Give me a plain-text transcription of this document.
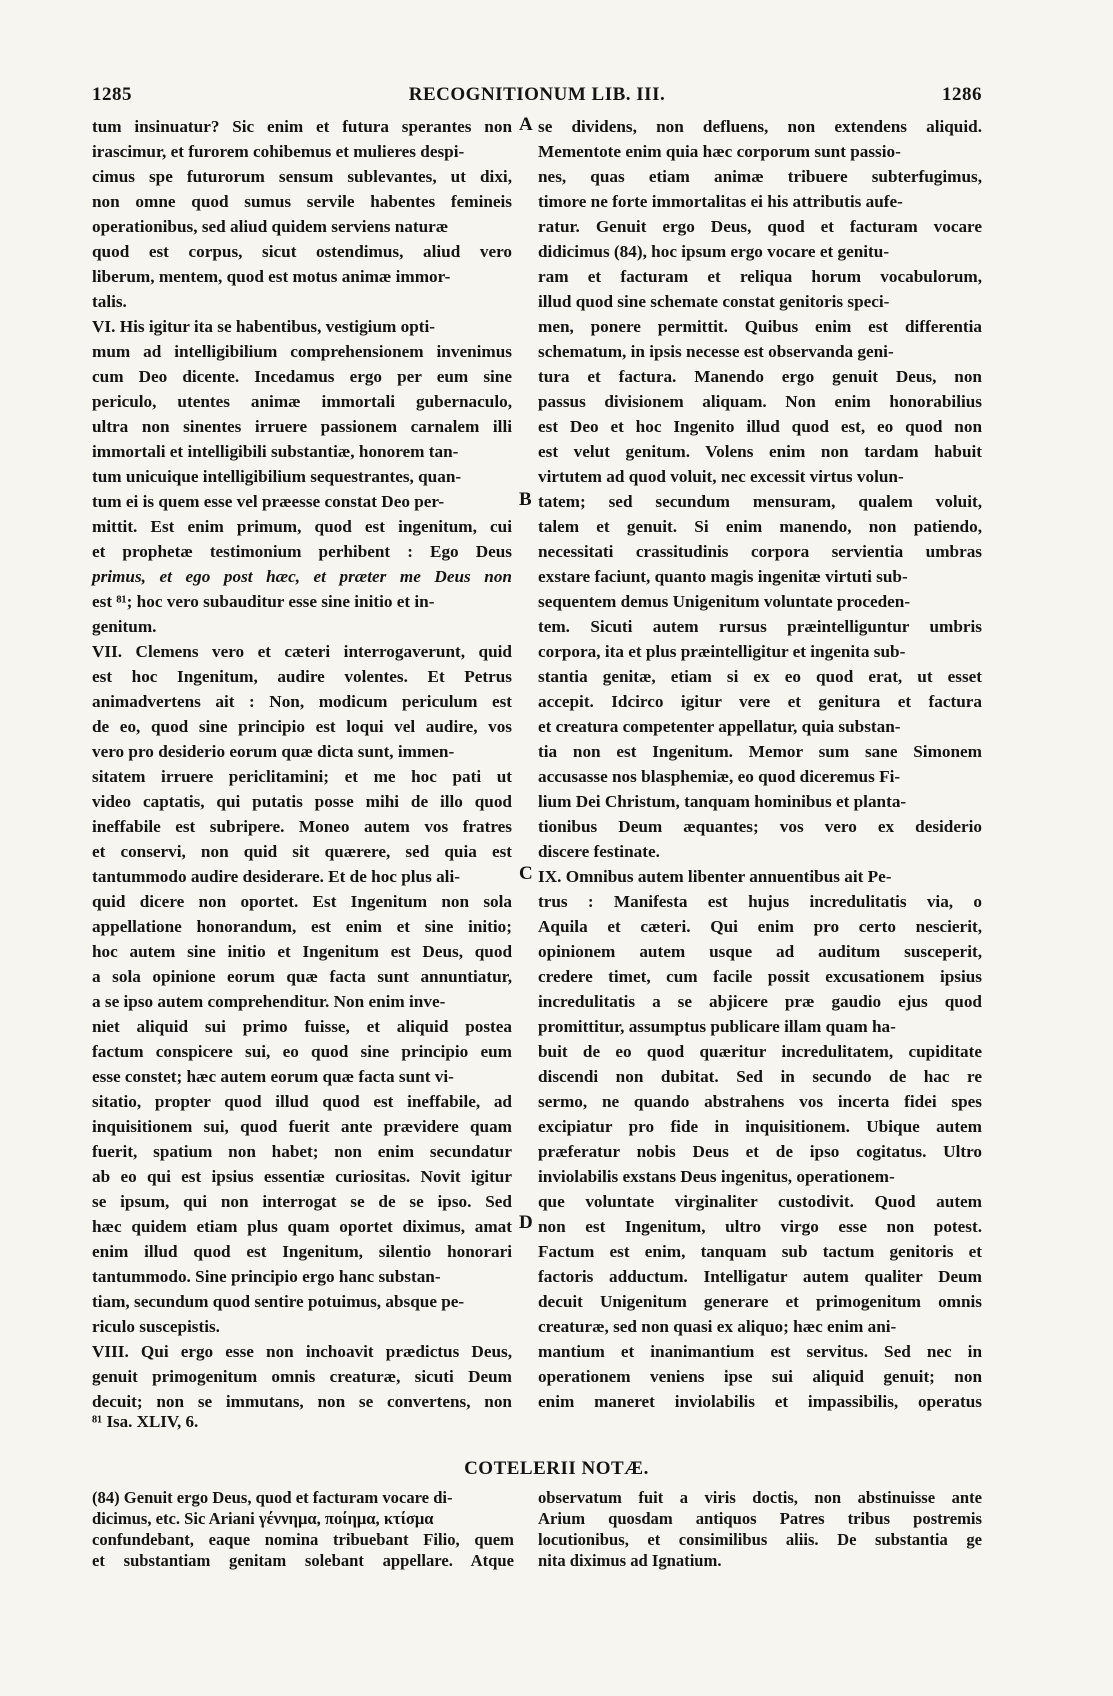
1285	RECOGNITIONUM LIB. III.	1286

tum insinuatur? Sic enim et futura sperantes non

irascimur, et furorem cohibemus et mulieres despi-

cimus spe futurorum sensum sublevantes, ut dixi,

non omne quod sumus servile habentes femineis

operationibus, sed aliud quidem serviens naturæ

quod est corpus, sicut ostendimus, aliud vero

liberum, mentem, quod est motus animæ immor-

talis.

VI. His igitur ita se habentibus, vestigium opti-

mum ad intelligibilium comprehensionem invenimus

cum Deo dicente. Incedamus ergo per eum sine

periculo, utentes animæ immortali gubernaculo,

ultra non sinentes irruere passionem carnalem illi

immortali et intelligibili substantiæ, honorem tan-

tum unicuique intelligibilium sequestrantes, quan-

tum ei is quem esse vel præesse constat Deo per-

mittit. Est enim primum, quod est ingenitum, cui

et prophetæ testimonium perhibent : Ego Deus

primus, et ego post hæc, et præter me Deus non

est ⁸¹; hoc vero subauditur esse sine initio et in-

genitum.

VII. Clemens vero et cæteri interrogaverunt, quid

est hoc Ingenitum, audire volentes. Et Petrus

animadvertens ait : Non, modicum periculum est

de eo, quod sine principio est loqui vel audire, vos

vero pro desiderio eorum quæ dicta sunt, immen-

sitatem irruere periclitamini; et me hoc pati ut

video captatis, qui putatis posse mihi de illo quod

ineffabile est subripere. Moneo autem vos fratres

et conservi, non quid sit quærere, sed quia est

tantummodo audire desiderare. Et de hoc plus ali-

quid dicere non oportet. Est Ingenitum non sola

appellatione honorandum, est enim et sine initio;

hoc autem sine initio et Ingenitum est Deus, quod

a sola opinione eorum quæ facta sunt annuntiatur,

a se ipso autem comprehenditur. Non enim inve-

niet aliquid sui primo fuisse, et aliquid postea

factum conspicere sui, eo quod sine principio eum

esse constet; hæc autem eorum quæ facta sunt vi-

sitatio, propter quod illud quod est ineffabile, ad

inquisitionem sui, quod fuerit ante prævidere quam

fuerit, spatium non habet; non enim secundatur

ab eo qui est ipsius essentiæ curiositas. Novit igitur

se ipsum, qui non interrogat se de se ipso. Sed

hæc quidem etiam plus quam oportet diximus, amat

enim illud quod est Ingenitum, silentio honorari

tantummodo. Sine principio ergo hanc substan-

tiam, secundum quod sentire potuimus, absque pe-

riculo suscepistis.

VIII. Qui ergo esse non inchoavit prædictus Deus,

genuit primogenitum omnis creaturæ, sicuti Deum

decuit; non se immutans, non se convertens, non

se dividens, non defluens, non extendens aliquid.

Mementote enim quia hæc corporum sunt passio-

nes, quas etiam animæ tribuere subterfugimus,

timore ne forte immortalitas ei his attributis aufe-

ratur. Genuit ergo Deus, quod et facturam vocare

didicimus (84), hoc ipsum ergo vocare et genitu-

ram et facturam et reliqua horum vocabulorum,

illud quod sine schemate constat genitoris speci-

men, ponere permittit. Quibus enim est differentia

schematum, in ipsis necesse est observanda geni-

tura et factura. Manendo ergo genuit Deus, non

passus divisionem aliquam. Non enim honorabilius

est Deo et hoc Ingenito illud quod est, eo quod non

est velut genitum. Volens enim non tardam habuit

virtutem ad quod voluit, nec excessit virtus volun-

tatem; sed secundum mensuram, qualem voluit,

talem et genuit. Si enim manendo, non patiendo,

necessitati crassitudinis corpora servientia umbras

exstare faciunt, quanto magis ingenitæ virtuti sub-

sequentem demus Unigenitum voluntate proceden-

tem. Sicuti autem rursus præintelliguntur umbris

corpora, ita et plus præintelligitur et ingenita sub-

stantia genitæ, etiam si ex eo quod erat, ut esset

accepit. Idcirco igitur vere et genitura et factura

et creatura competenter appellatur, quia substan-

tia non est Ingenitum. Memor sum sane Simonem

accusasse nos blasphemiæ, eo quod diceremus Fi-

lium Dei Christum, tanquam hominibus et planta-

tionibus Deum æquantes; vos vero ex desiderio

discere festinate.

IX. Omnibus autem libenter annuentibus ait Pe-

trus : Manifesta est hujus incredulitatis via, o

Aquila et cæteri. Qui enim pro certo nescierit,

opinionem autem usque ad auditum susceperit,

credere timet, cum facile possit excusationem ipsius

incredulitatis a se abjicere præ gaudio ejus quod

promittitur, assumptus publicare illam quam ha-

buit de eo quod quæritur incredulitatem, cupiditate

discendi non dubitat. Sed in secundo de hac re

sermo, ne quando abstrahens vos incerta fidei spes

excipiatur pro fide in inquisitionem. Ubique autem

præferatur nobis Deus et de ipso cogitatus. Ultro

inviolabilis exstans Deus ingenitus, operationem-

que voluntate virginaliter custodivit. Quod autem

non est Ingenitum, ultro virgo esse non potest.

Factum est enim, tanquam sub tactum genitoris et

factoris adductum. Intelligatur autem qualiter Deum

decuit Unigenitum generare et primogenitum omnis

creaturæ, sed non quasi ex aliquo; hæc enim ani-

mantium et inanimantium est servitus. Sed nec in

operationem veniens ipse sui aliquid genuit; non

enim maneret inviolabilis et impassibilis, operatus

A
B
C
D
⁸¹ Isa. XLIV, 6.
COTELERII NOTÆ.

(84) Genuit ergo Deus, quod et facturam vocare di-

dicimus, etc. Sic Ariani γέννημα, ποίημα, κτίσμα

confundebant, eaque nomina tribuebant Filio, quem

et substantiam genitam solebant appellare. Atque

observatum fuit a viris doctis, non abstinuisse ante

Arium quosdam antiquos Patres tribus postremis

locutionibus, et consimilibus aliis. De substantia ge

nita diximus ad Ignatium.
